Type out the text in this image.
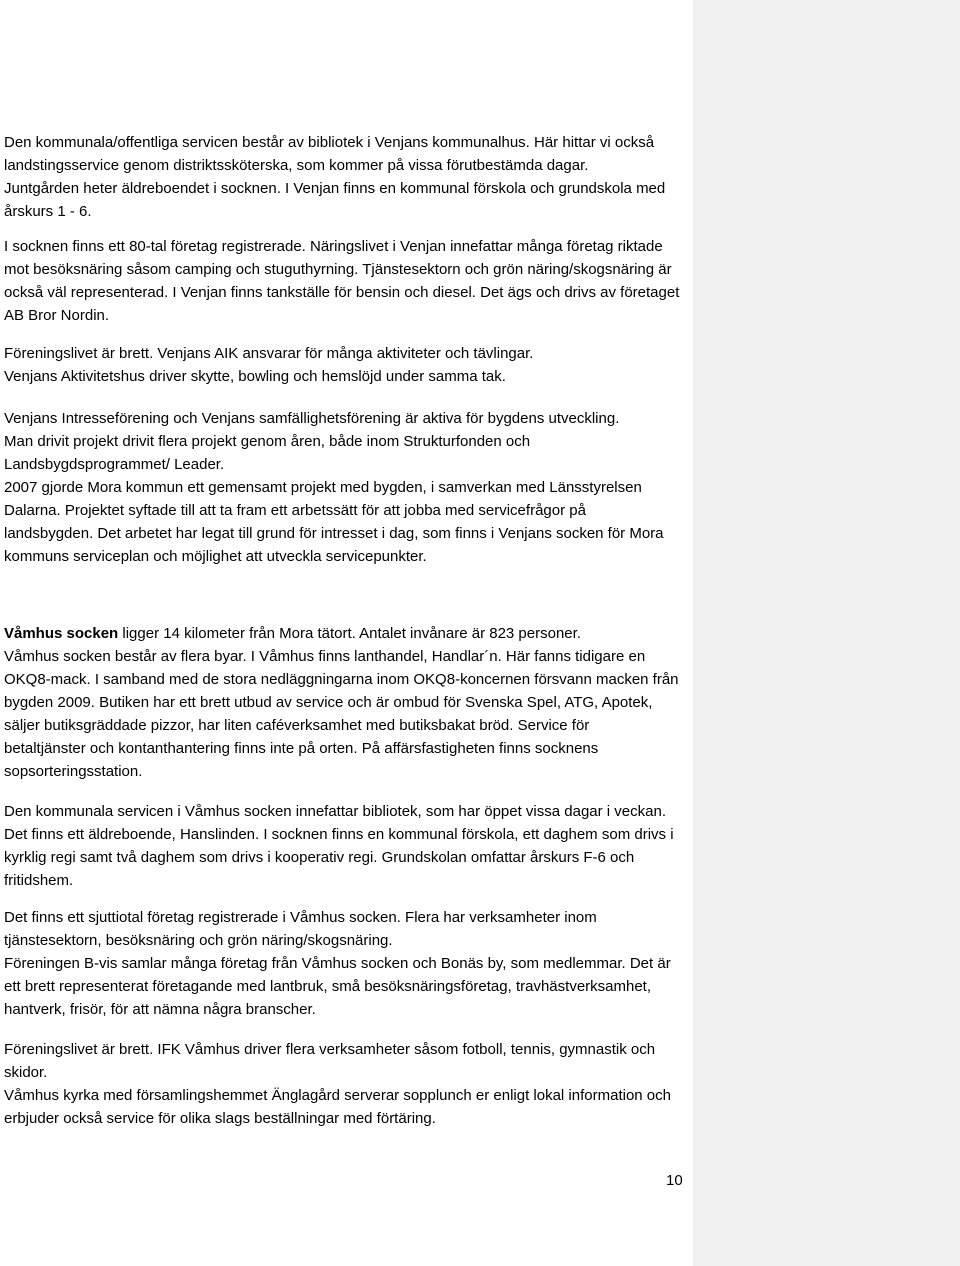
Den kommunala/offentliga servicen består av bibliotek i Venjans kommunalhus. Här hittar vi också
landstingsservice genom distriktssköterska, som kommer på vissa förutbestämda dagar.
Juntgården heter äldreboendet i socknen. I Venjan finns en kommunal förskola och grundskola med
årskurs 1 - 6.
I socknen finns ett 80-tal företag registrerade. Näringslivet i Venjan innefattar många företag riktade
mot besöksnäring såsom camping och stuguthyrning. Tjänstesektorn och grön näring/skogsnäring är
också väl representerad. I Venjan finns tankställe för bensin och diesel. Det ägs och drivs av företaget
AB Bror Nordin.
Föreningslivet är brett. Venjans AIK ansvarar för många aktiviteter och tävlingar.
Venjans Aktivitetshus driver skytte, bowling och hemslöjd under samma tak.
Venjans Intresseförening och Venjans samfällighetsförening är aktiva för bygdens utveckling.
Man drivit projekt drivit flera projekt genom åren, både inom Strukturfonden och
Landsbygdsprogrammet/ Leader.
2007 gjorde Mora kommun ett gemensamt projekt med bygden, i samverkan med Länsstyrelsen
Dalarna. Projektet syftade till att ta fram ett arbetssätt för att jobba med servicefrågor på
landsbygden. Det arbetet har legat till grund för intresset i dag, som finns i Venjans socken för Mora
kommuns serviceplan och möjlighet att utveckla servicepunkter.
Våmhus socken ligger 14 kilometer från Mora tätort. Antalet invånare är 823 personer.
Våmhus socken består av flera byar. I Våmhus finns lanthandel, Handlar´n. Här fanns tidigare en
OKQ8-mack. I samband med de stora nedläggningarna inom OKQ8-koncernen försvann macken från
bygden 2009. Butiken har ett brett utbud av service och är ombud för Svenska Spel, ATG, Apotek,
säljer butiksgräddade pizzor, har liten caféverksamhet med butiksbakat bröd. Service för
betaltjänster och kontanthantering finns inte på orten. På affärsfastigheten finns socknens
sopsorteringsstation.
Den kommunala servicen i Våmhus socken innefattar bibliotek, som har öppet vissa dagar i veckan.
Det finns ett äldreboende, Hanslinden. I socknen finns en kommunal förskola, ett daghem som drivs i
kyrklig regi samt två daghem som drivs i kooperativ regi. Grundskolan omfattar årskurs F-6 och
fritidshem.
Det finns ett sjuttiotal företag registrerade i Våmhus socken. Flera har verksamheter inom
tjänstesektorn, besöksnäring och grön näring/skogsnäring.
Föreningen B-vis samlar många företag från Våmhus socken och Bonäs by, som medlemmar. Det är
ett brett representerat företagande med lantbruk, små besöksnäringsföretag, travhästverksamhet,
hantverk, frisör, för att nämna några branscher.
Föreningslivet är brett. IFK Våmhus driver flera verksamheter såsom fotboll, tennis, gymnastik och
skidor.
Våmhus kyrka med församlingshemmet Änglagård serverar sopplunch er enligt lokal information och
erbjuder också service för olika slags beställningar med förtäring.
10
